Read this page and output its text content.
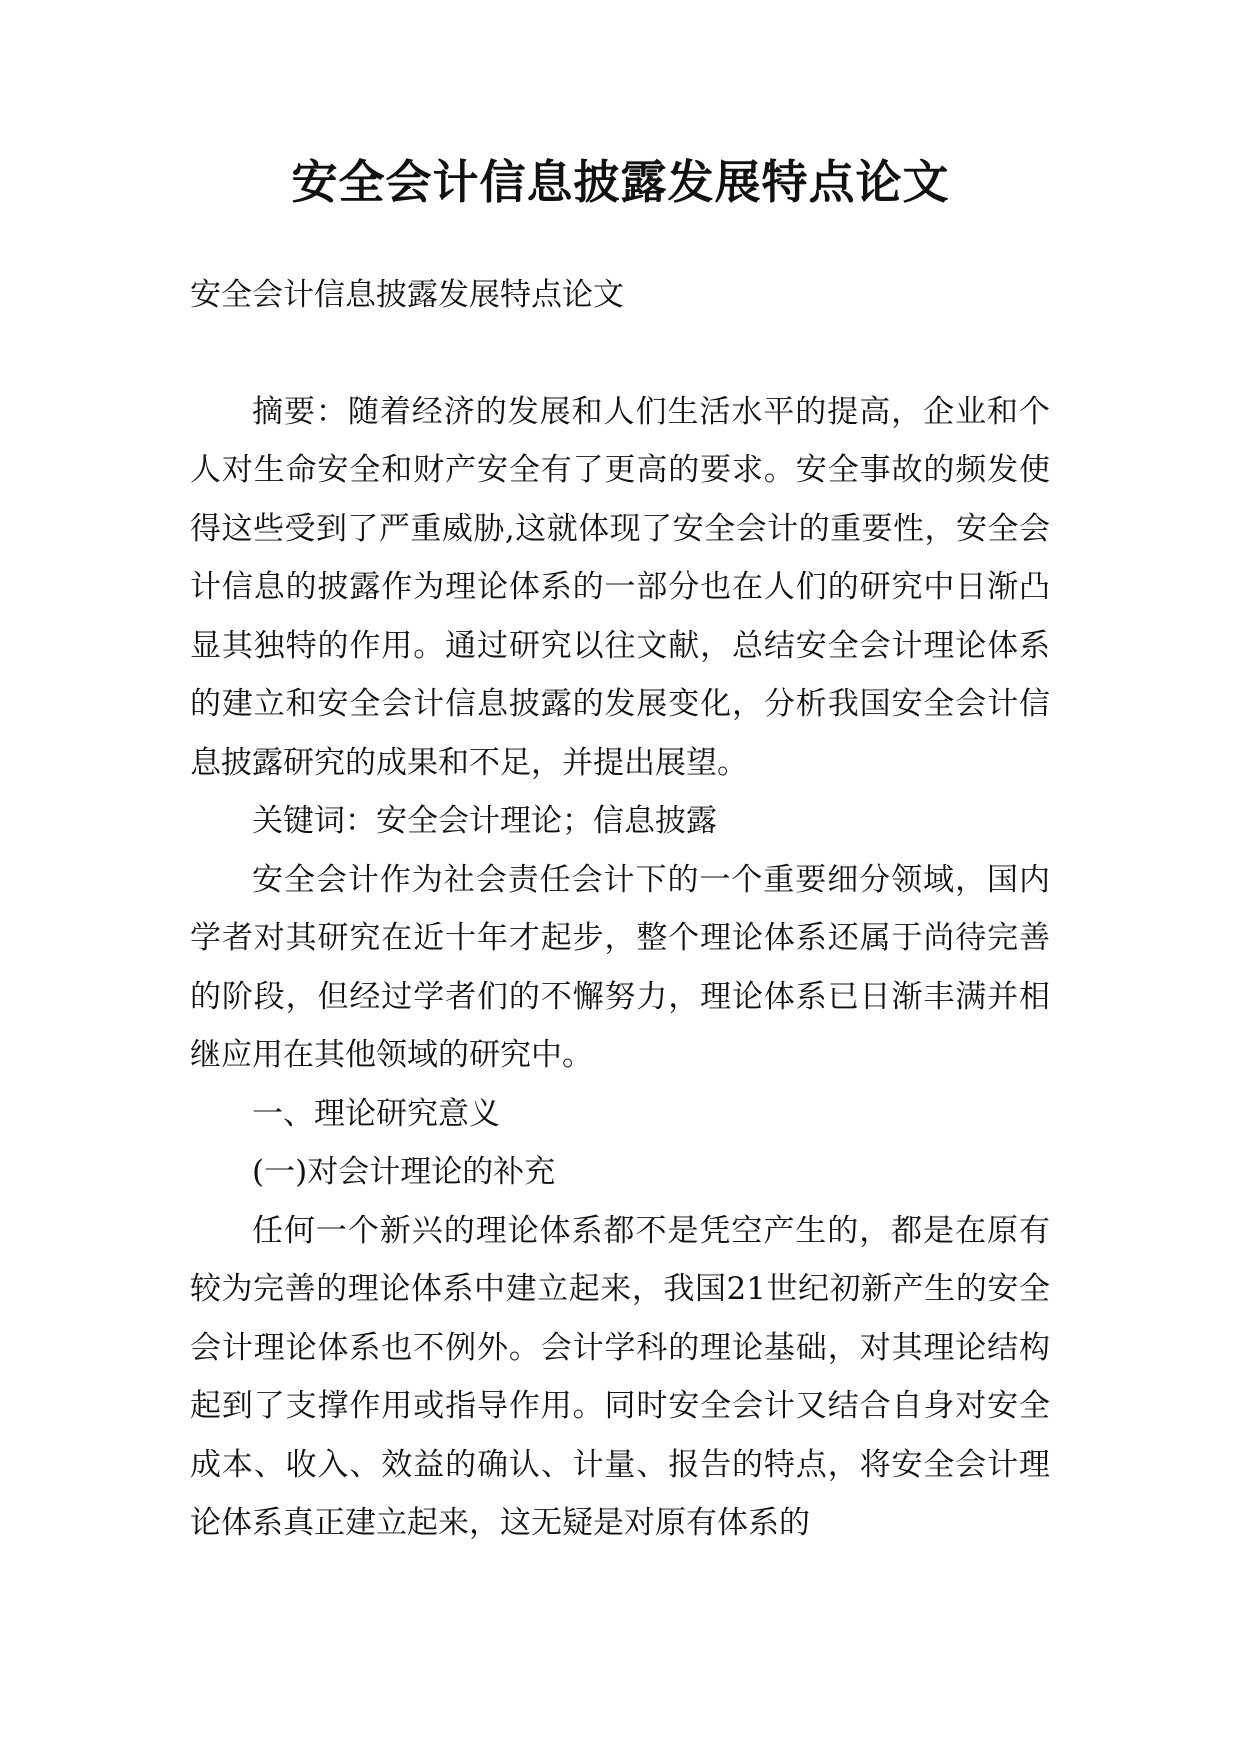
安全会计信息披露发展特点论文

安全会计信息披露发展特点论文

摘要：随着经济的发展和人们生活水平的提高，企业和个人对生命安全和财产安全有了更高的要求。安全事故的频发使得这些受到了严重威胁,这就体现了安全会计的重要性，安全会计信息的披露作为理论体系的一部分也在人们的研究中日渐凸显其独特的作用。通过研究以往文献，总结安全会计理论体系的建立和安全会计信息披露的发展变化，分析我国安全会计信息披露研究的成果和不足，并提出展望。

关键词：安全会计理论；信息披露

安全会计作为社会责任会计下的一个重要细分领域，国内学者对其研究在近十年才起步，整个理论体系还属于尚待完善的阶段，但经过学者们的不懈努力，理论体系已日渐丰满并相继应用在其他领域的研究中。

一、理论研究意义

(一)对会计理论的补充

任何一个新兴的理论体系都不是凭空产生的，都是在原有较为完善的理论体系中建立起来，我国21世纪初新产生的安全会计理论体系也不例外。会计学科的理论基础，对其理论结构起到了支撑作用或指导作用。同时安全会计又结合自身对安全成本、收入、效益的确认、计量、报告的特点，将安全会计理论体系真正建立起来，这无疑是对原有体系的
